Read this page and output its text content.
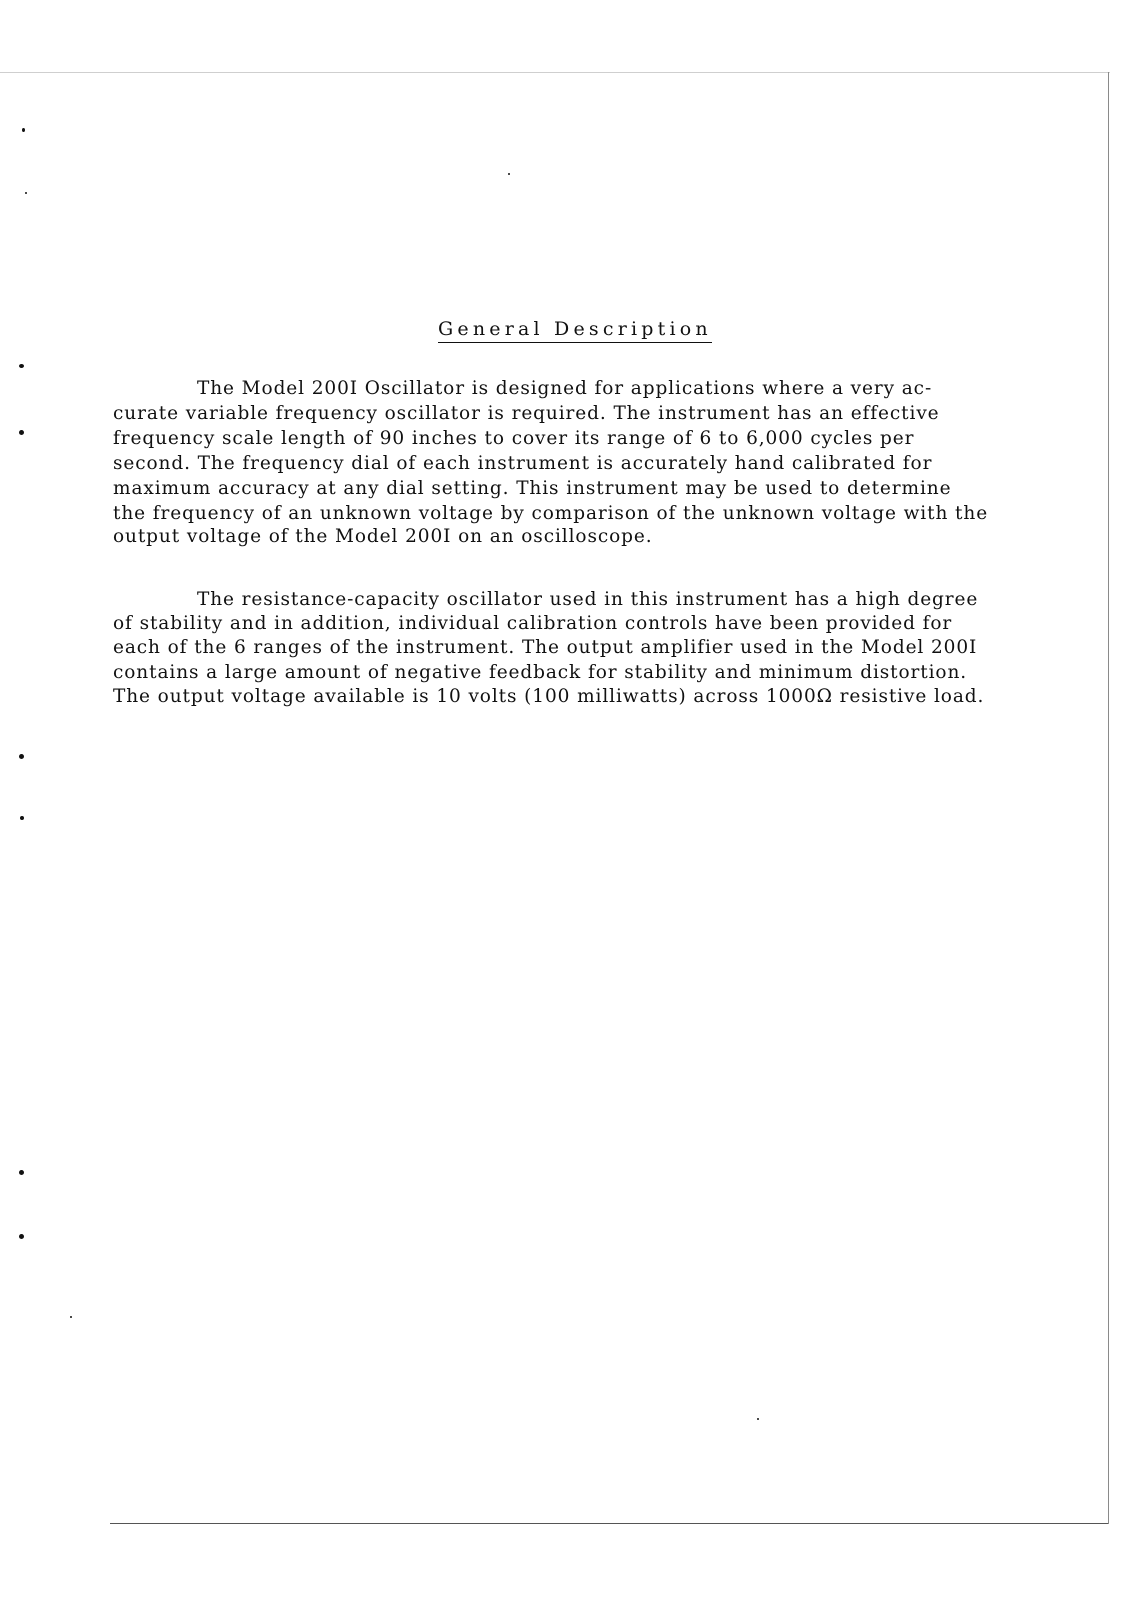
General Description
The Model 200I Oscillator is designed for applications where a very ac-
curate variable frequency oscillator is required. The instrument has an effective
frequency scale length of 90 inches to cover its range of 6 to 6,000 cycles per
second. The frequency dial of each instrument is accurately hand calibrated for
maximum accuracy at any dial setting. This instrument may be used to determine
the frequency of an unknown voltage by comparison of the unknown voltage with the
output voltage of the Model 200I on an oscilloscope.
The resistance-capacity oscillator used in this instrument has a high degree
of stability and in addition, individual calibration controls have been provided for
each of the 6 ranges of the instrument. The output amplifier used in the Model 200I
contains a large amount of negative feedback for stability and minimum distortion.
The output voltage available is 10 volts (100 milliwatts) across 1000Ω resistive load.
